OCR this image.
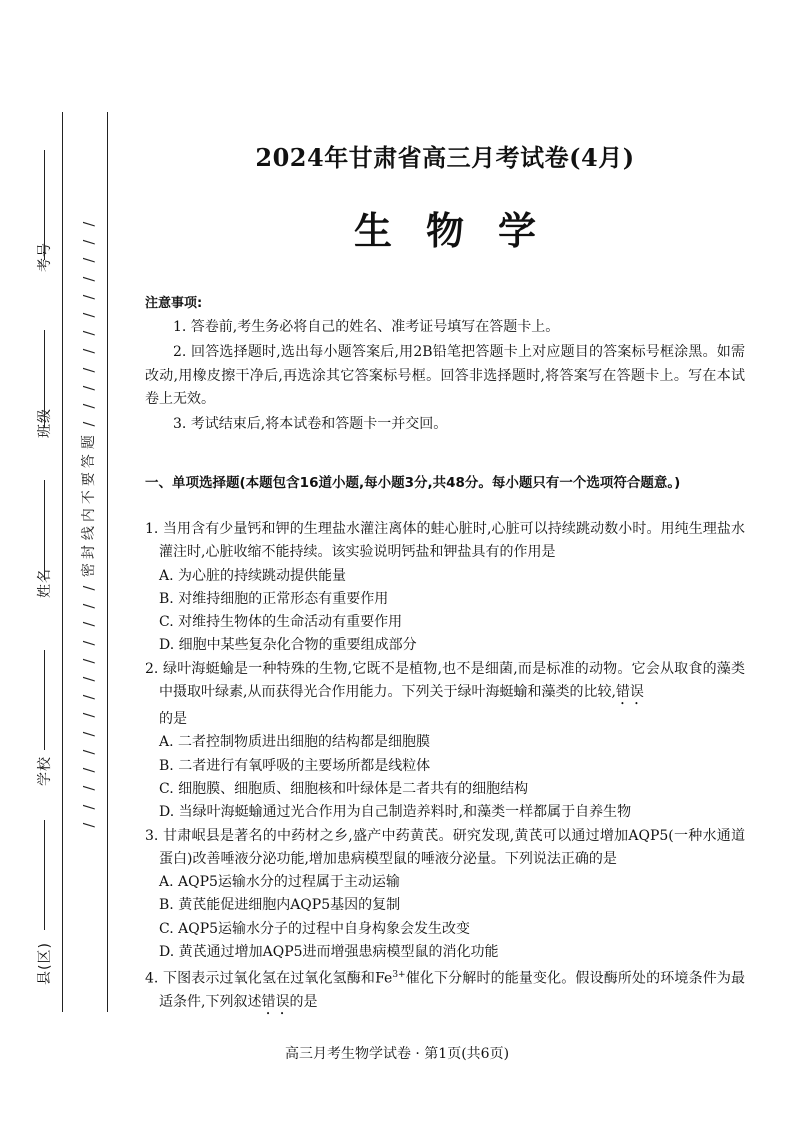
考号
班级
姓名
学校
县(区)
/
/
/
/
/
/
/
/
/
/
/
/
题
答
要
不
内
线
封
密
/
/
/
/
/
/
/
/
/
/
/
/
/
/
2024年甘肃省高三月考试卷(4月)
生物学
注意事项:

1. 答卷前,考生务必将自己的姓名、准考证号填写在答题卡上。

2. 回答选择题时,选出每小题答案后,用2B铅笔把答题卡上对应题目的答案标号框涂黑。如需改动,用橡皮擦干净后,再选涂其它答案标号框。回答非选择题时,将答案写在答题卡上。写在本试卷上无效。

3. 考试结束后,将本试卷和答题卡一并交回。

一、单项选择题(本题包含16道小题,每小题3分,共48分。每小题只有一个选项符合题意。)
1. 当用含有少量钙和钾的生理盐水灌注离体的蛙心脏时,心脏可以持续跳动数小时。用纯生理盐水灌注时,心脏收缩不能持续。该实验说明钙盐和钾盐具有的作用是
A. 为心脏的持续跳动提供能量
B. 对维持细胞的正常形态有重要作用
C. 对维持生物体的生命活动有重要作用
D. 细胞中某些复杂化合物的重要组成部分
2. 绿叶海蜓蝓是一种特殊的生物,它既不是植物,也不是细菌,而是标准的动物。它会从取食的藻类中摄取叶绿素,从而获得光合作用能力。下列关于绿叶海蜓蝓和藻类的比较,错误
的是
A. 二者控制物质进出细胞的结构都是细胞膜
B. 二者进行有氧呼吸的主要场所都是线粒体
C. 细胞膜、细胞质、细胞核和叶绿体是二者共有的细胞结构
D. 当绿叶海蜓蝓通过光合作用为自己制造养料时,和藻类一样都属于自养生物
3. 甘肃岷县是著名的中药材之乡,盛产中药黄芪。研究发现,黄芪可以通过增加AQP5(一种水通道蛋白)改善唾液分泌功能,增加患病模型鼠的唾液分泌量。下列说法正确的是
A. AQP5运输水分的过程属于主动运输
B. 黄芪能促进细胞内AQP5基因的复制
C. AQP5运输水分子的过程中自身构象会发生改变
D. 黄芪通过增加AQP5进而增强患病模型鼠的消化功能
4. 下图表示过氧化氢在过氧化氢酶和$Fe^{3+}$催化下分解时的能量变化。假设酶所处的环境条件为最适条件,下列叙述错误的是
高三月考生物学试卷 · 第1页(共6页)
